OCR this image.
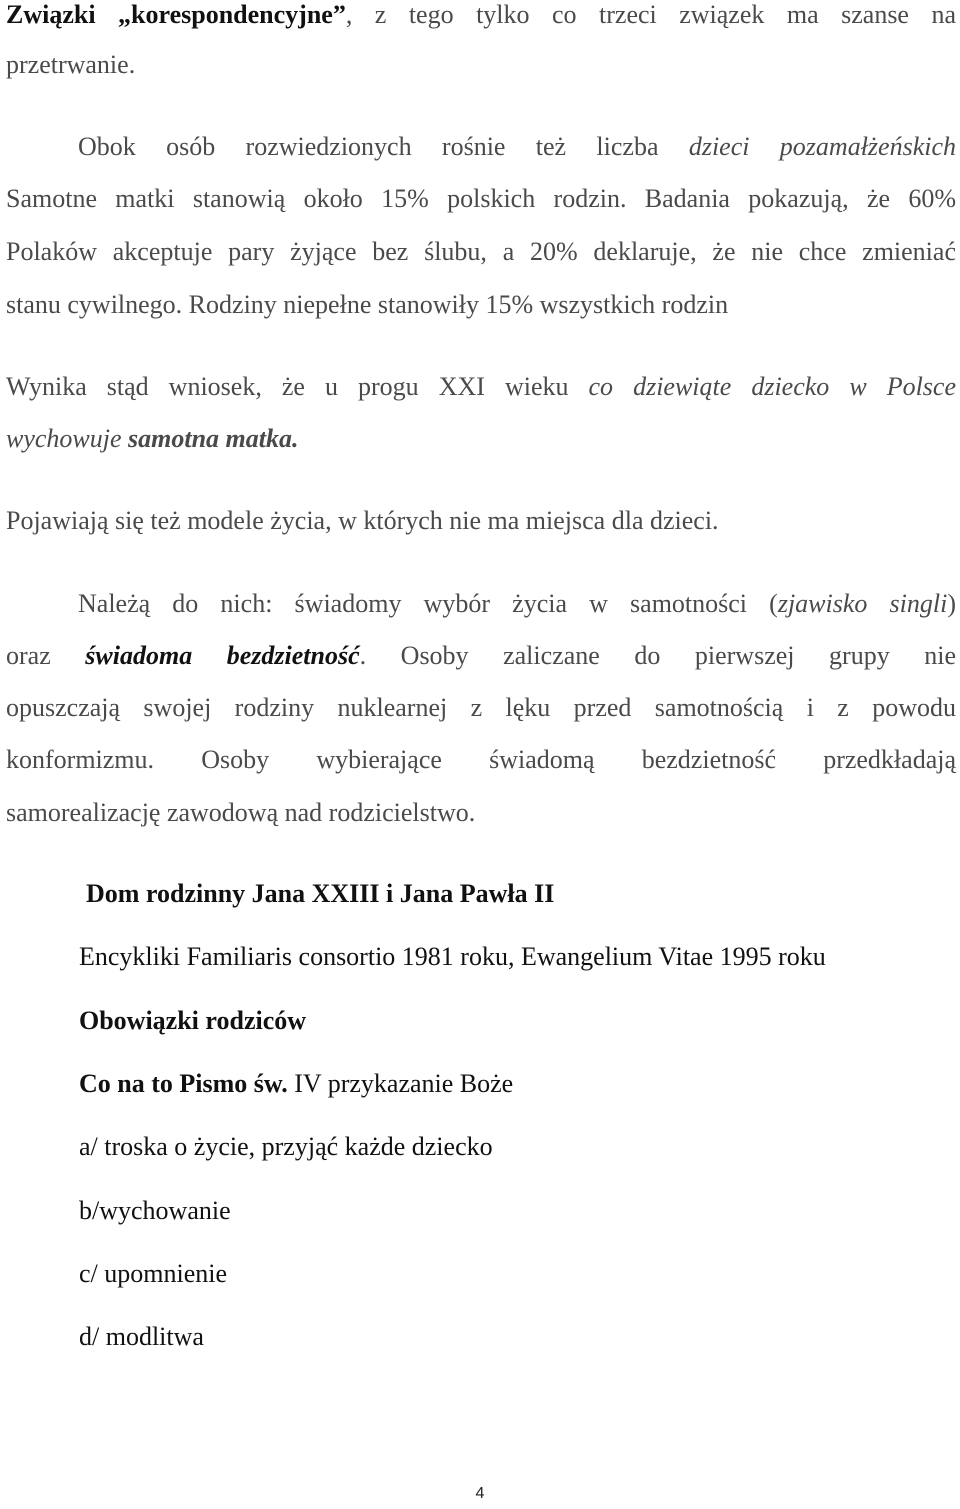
Związki „korespondencyjne”, z tego tylko co trzeci związek ma szanse na
przetrwanie.
Obok osób rozwiedzionych rośnie też liczba dzieci pozamałżeńskich
Samotne matki stanowią około 15% polskich rodzin. Badania pokazują, że 60%
Polaków akceptuje pary żyjące bez ślubu, a 20% deklaruje, że nie chce zmieniać
stanu cywilnego. Rodziny niepełne stanowiły 15% wszystkich rodzin
Wynika stąd wniosek, że u progu XXI wieku co dziewiąte dziecko w Polsce
wychowuje samotna matka.
Pojawiają się też modele życia, w których nie ma miejsca dla dzieci.
Należą do nich: świadomy wybór życia w samotności (zjawisko singli)
oraz świadoma bezdzietność. Osoby zaliczane do pierwszej grupy nie
opuszczają swojej rodziny nuklearnej z lęku przed samotnością i z powodu
konformizmu. Osoby wybierające świadomą bezdzietność przedkładają
samorealizację zawodową nad rodzicielstwo.
Dom rodzinny Jana XXIII i Jana Pawła II
Encykliki Familiaris consortio 1981 roku, Ewangelium Vitae 1995 roku
Obowiązki rodziców
Co na to Pismo św. IV przykazanie Boże
a/ troska o życie, przyjąć każde dziecko
b/wychowanie
c/ upomnienie
d/ modlitwa
4
